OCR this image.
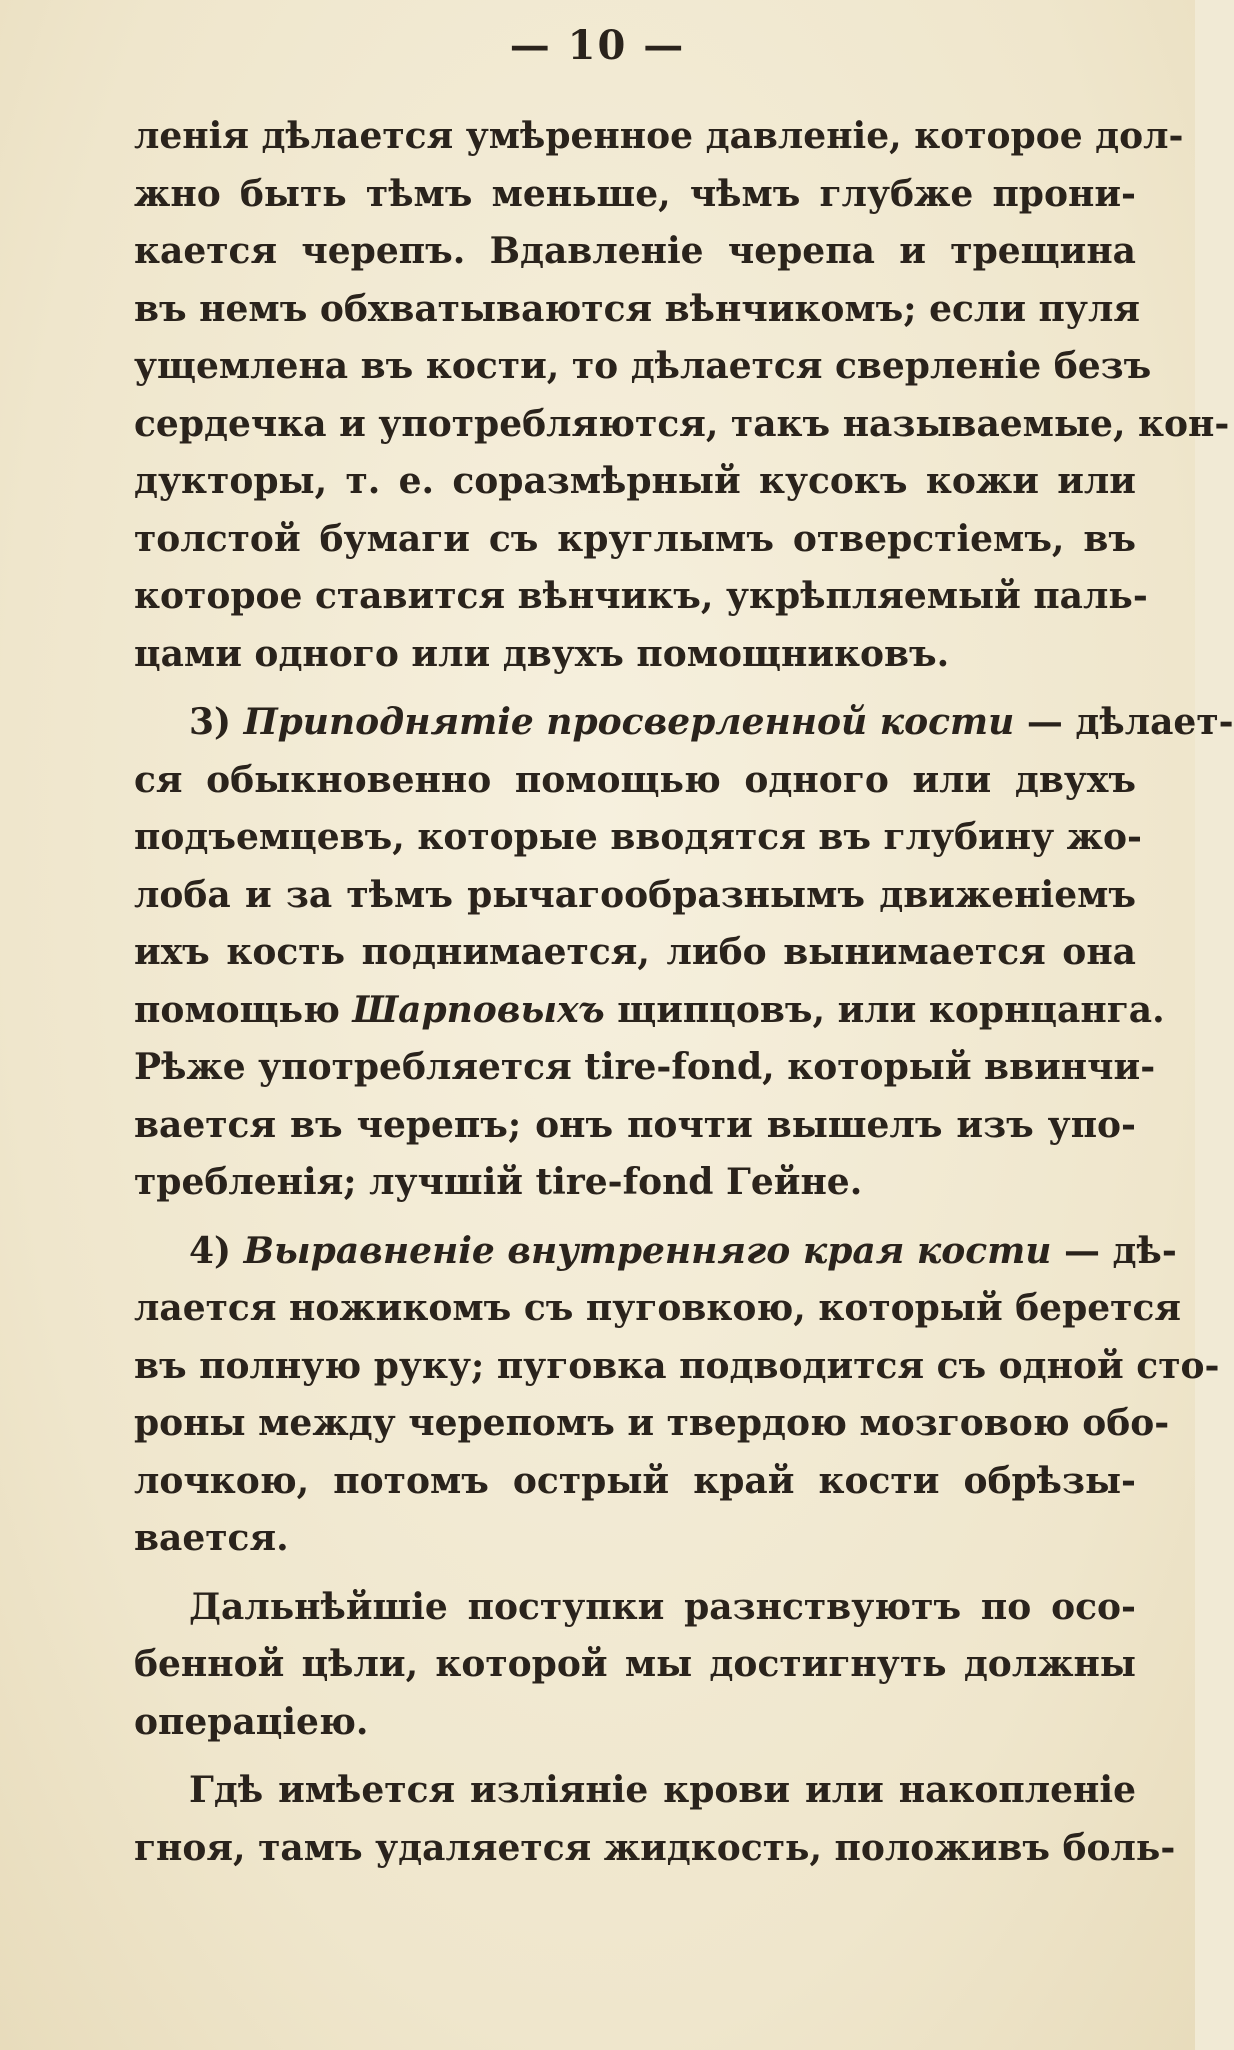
— 10 —
ленія дѣлается умѣренное давленіе, которое дол-
жно быть тѣмъ меньше, чѣмъ глубже прони-
кается черепъ. Вдавленіе черепа и трещина
въ немъ обхватываются вѣнчикомъ; если пуля
ущемлена въ кости, то дѣлается сверленіе безъ
сердечка и употребляются, такъ называемые, кон-
дукторы, т. е. соразмѣрный кусокъ кожи или
толстой бумаги съ круглымъ отверстіемъ, въ
которое ставится вѣнчикъ, укрѣпляемый паль-
цами одного или двухъ помощниковъ.
3) Приподнятіе просверленной кости — дѣлает-
ся обыкновенно помощью одного или двухъ
подъемцевъ, которые вводятся въ глубину жо-
лоба и за тѣмъ рычагообразнымъ движеніемъ
ихъ кость поднимается, либо вынимается она
помощью Шарповыхъ щипцовъ, или корнцанга.
Рѣже употребляется tire-fond, который ввинчи-
вается въ черепъ; онъ почти вышелъ изъ упо-
требленія; лучшій tire-fond Гейне.
4) Выравненіе внутренняго края кости — дѣ-
лается ножикомъ съ пуговкою, который берется
въ полную руку; пуговка подводится съ одной сто-
роны между черепомъ и твердою мозговою обо-
лочкою, потомъ острый край кости обрѣзы-
вается.
Дальнѣйшіе поступки разнствуютъ по осо-
бенной цѣли, которой мы достигнуть должны
операціею.
Гдѣ имѣется изліяніе крови или накопленіе
гноя, тамъ удаляется жидкость, положивъ боль-
